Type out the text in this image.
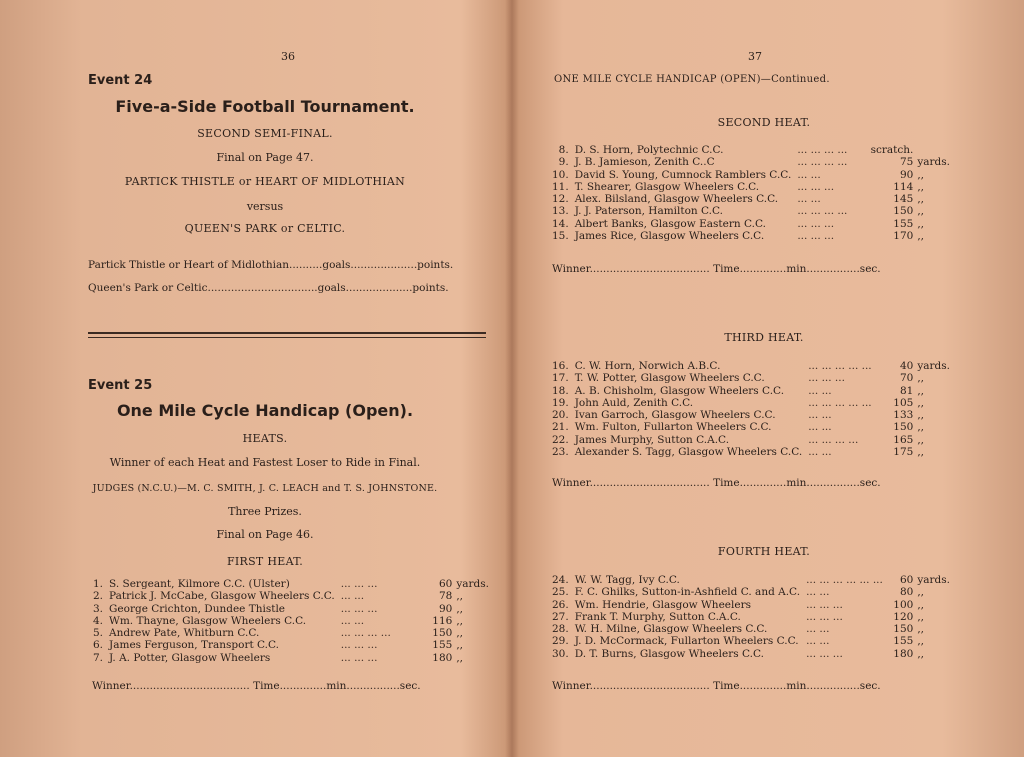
36
Event 24
Five-a-Side Football Tournament.
SECOND SEMI-FINAL.
Final on Page 47.
PARTICK THISTLE or HEART OF MIDLOTHIAN
versus
QUEEN'S PARK or CELTIC.
Partick Thistle or Heart of Midlothian..........goals....................points.
Queen's Park or Celtic.................................goals....................points.
Event 25
One Mile Cycle Handicap (Open).
HEATS.
Winner of each Heat and Fastest Loser to Ride in Final.
JUDGES (N.C.U.)—M. C. SMITH, J. C. LEACH and T. S. JOHNSTONE.
Three Prizes.
Final on Page 46.
FIRST HEAT.
1.	S. Sergeant, Kilmore C.C. (Ulster)	... ... ...	60	yards.
2.	Patrick J. McCabe, Glasgow Wheelers C.C.	... ...	78	,,
3.	George Crichton, Dundee Thistle	... ... ...	90	,,
4.	Wm. Thayne, Glasgow Wheelers C.C.	... ...	116	,,
5.	Andrew Pate, Whitburn C.C.	... ... ... ...	150	,,
6.	James Ferguson, Transport C.C.	... ... ...	155	,,
7.	J. A. Potter, Glasgow Wheelers	... ... ...	180	,,
Winner.................................... Time..............min................sec.
37
ONE MILE CYCLE HANDICAP (OPEN)—Continued.
SECOND HEAT.
8.	D. S. Horn, Polytechnic C.C.	... ... ... ...	scratch.	
9.	J. B. Jamieson, Zenith C..C	... ... ... ...	75	yards.
10.	David S. Young, Cumnock Ramblers C.C.	... ...	90	,,
11.	T. Shearer, Glasgow Wheelers C.C.	... ... ...	114	,,
12.	Alex. Bilsland, Glasgow Wheelers C.C.	... ...	145	,,
13.	J. J. Paterson, Hamilton C.C.	... ... ... ...	150	,,
14.	Albert Banks, Glasgow Eastern C.C.	... ... ...	155	,,
15.	James Rice, Glasgow Wheelers C.C.	... ... ...	170	,,
Winner.................................... Time..............min................sec.
THIRD HEAT.
16.	C. W. Horn, Norwich A.B.C.	... ... ... ... ...	40	yards.
17.	T. W. Potter, Glasgow Wheelers C.C.	... ... ...	70	,,
18.	A. B. Chisholm, Glasgow Wheelers C.C.	... ...	81	,,
19.	John Auld, Zenith C.C.	... ... ... ... ...	105	,,
20.	Ivan Garroch, Glasgow Wheelers C.C.	... ...	133	,,
21.	Wm. Fulton, Fullarton Wheelers C.C.	... ...	150	,,
22.	James Murphy, Sutton C.A.C.	... ... ... ...	165	,,
23.	Alexander S. Tagg, Glasgow Wheelers C.C.	... ...	175	,,
Winner.................................... Time..............min................sec.
FOURTH HEAT.
24.	W. W. Tagg, Ivy C.C.	... ... ... ... ... ...	60	yards.
25.	F. C. Ghilks, Sutton-in-Ashfield C. and A.C.	... ...	80	,,
26.	Wm. Hendrie, Glasgow Wheelers	... ... ...	100	,,
27.	Frank T. Murphy, Sutton C.A.C.	... ... ...	120	,,
28.	W. H. Milne, Glasgow Wheelers C.C.	... ...	150	,,
29.	J. D. McCormack, Fullarton Wheelers C.C.	... ...	155	,,
30.	D. T. Burns, Glasgow Wheelers C.C.	... ... ...	180	,,
Winner.................................... Time..............min................sec.
